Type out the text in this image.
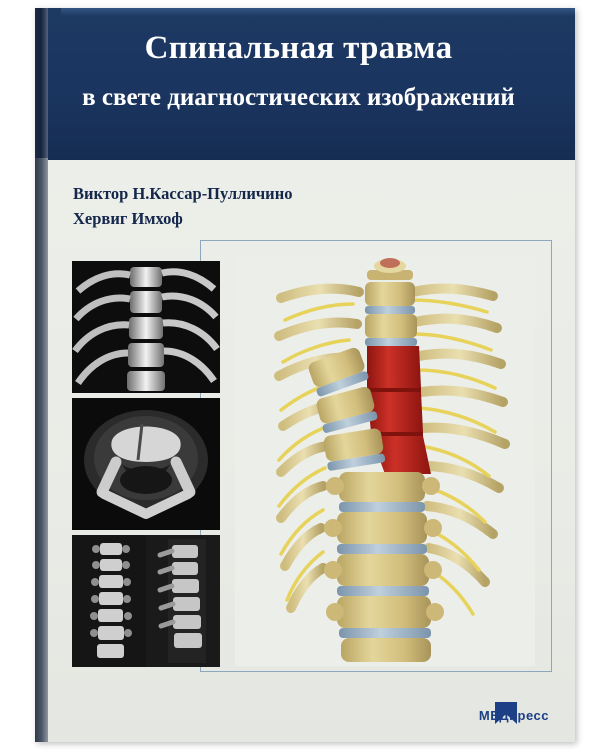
Спинальная травма
в свете диагностических изображений
Виктор Н.Кассар-Пулличино
Хервиг Имхоф
МЕДпресс
